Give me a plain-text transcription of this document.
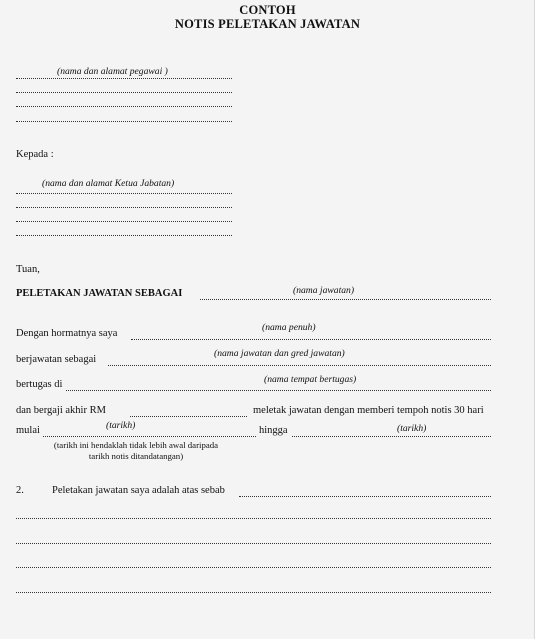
CONTOH
NOTIS PELETAKAN JAWATAN
(nama dan alamat pegawai )
Kepada :
(nama dan alamat Ketua Jabatan)
Tuan,
PELETAKAN JAWATAN SEBAGAI	(nama jawatan)
Dengan hormatnya saya
(nama penuh)
berjawatan sebagai
(nama jawatan dan gred jawatan)
bertugas di	(nama tempat bertugas)
dan bergaji akhir RM	meletak jawatan dengan memberi tempoh notis 30 hari
mulai	(tarikh)	hingga	(tarikh)
(tarikh ini hendaklah tidak lebih awal daripada tarikh notis ditandatangan)
2.	Peletakan jawatan saya adalah atas sebab
